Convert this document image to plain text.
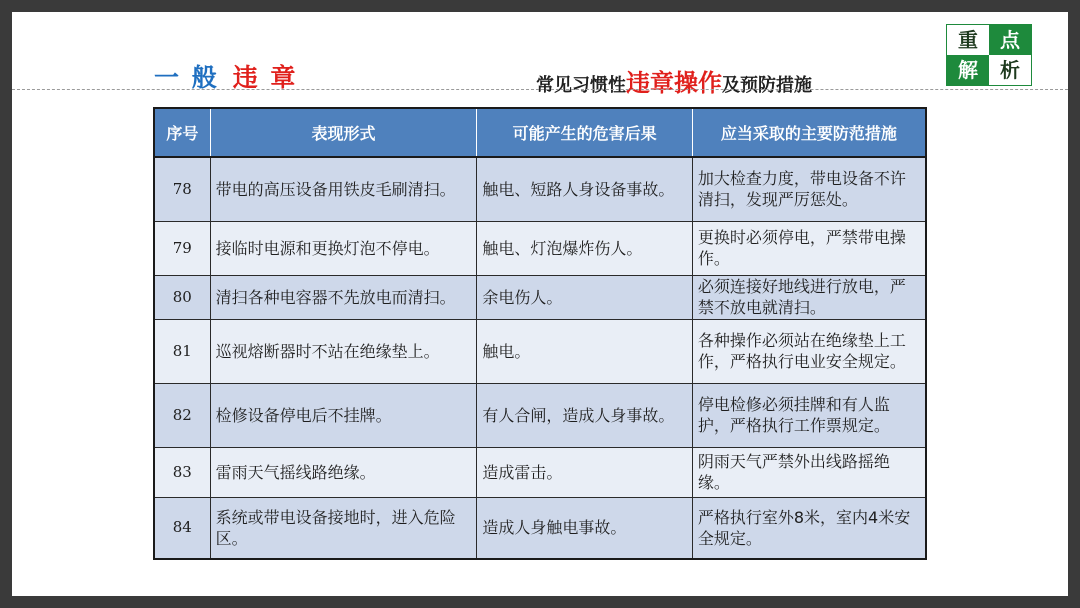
一 般 违 章	常见习惯性违章操作及预防措施
重	点
解	析
序号	表现形式	可能产生的危害后果	应当采取的主要防范措施
78	带电的高压设备用铁皮毛刷清扫。	触电、短路人身设备事故。	加大检查力度，带电设备不许清扫，发现严厉惩处。
79	接临时电源和更换灯泡不停电。	触电、灯泡爆炸伤人。	更换时必须停电，严禁带电操作。
80	清扫各种电容器不先放电而清扫。	余电伤人。	必须连接好地线进行放电，严禁不放电就清扫。
81	巡视熔断器时不站在绝缘垫上。	触电。	各种操作必须站在绝缘垫上工作，严格执行电业安全规定。
82	检修设备停电后不挂牌。	有人合闸，造成人身事故。	停电检修必须挂牌和有人监护，严格执行工作票规定。
83	雷雨天气摇线路绝缘。	造成雷击。	阴雨天气严禁外出线路摇绝缘。
84	系统或带电设备接地时，进入危险区。	造成人身触电事故。	严格执行室外8米，室内4米安全规定。
